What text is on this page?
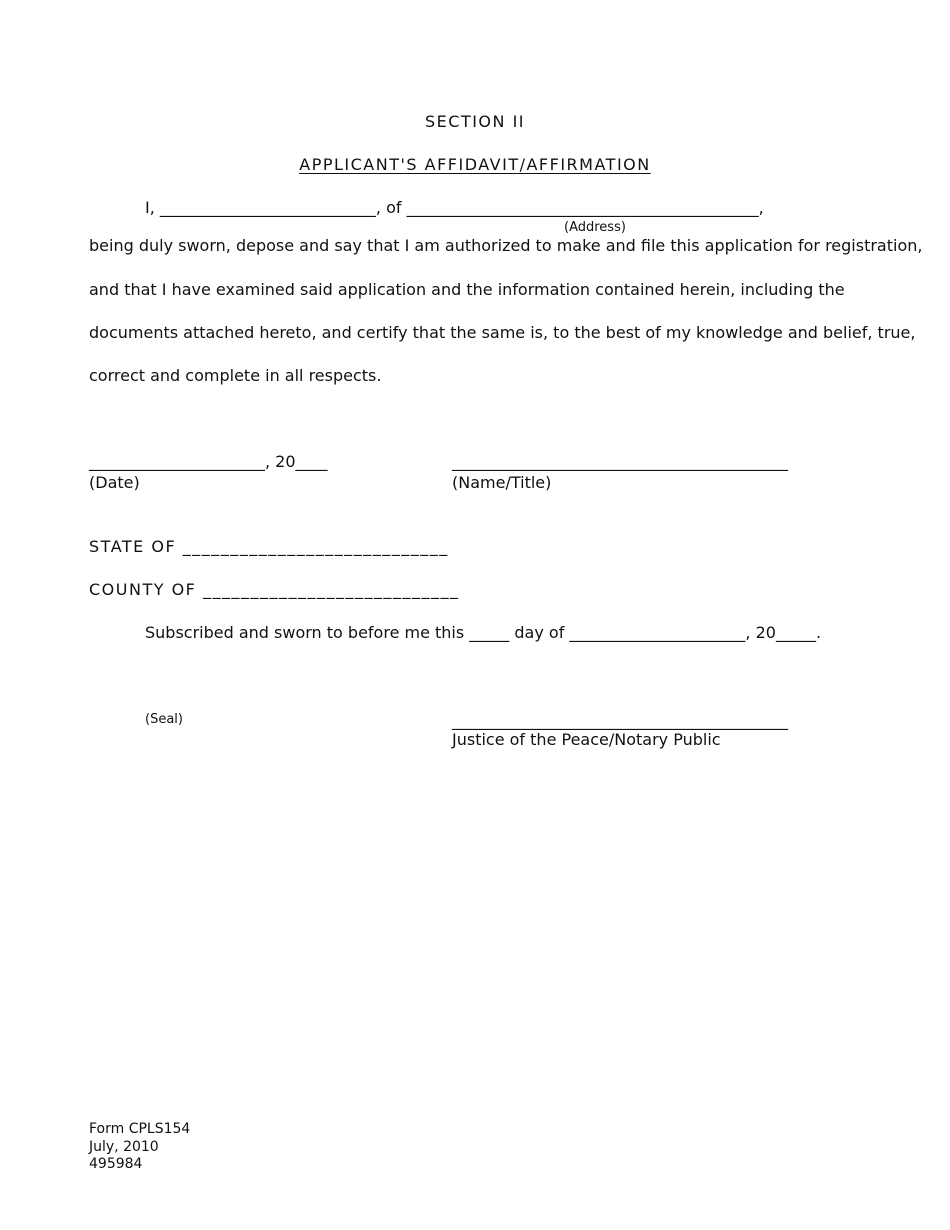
SECTION II
APPLICANT'S AFFIDAVIT/AFFIRMATION
I, ___________________________, of ____________________________________________,
(Address)
being duly sworn, depose and say that I am authorized to make and file this application for registration,
and that I have examined said application and the information contained herein, including the
documents attached hereto, and certify that the same is, to the best of my knowledge and belief, true,
correct and complete in all respects.
______________________, 20____
(Date)
__________________________________________
(Name/Title)
STATE OF ____________________________
COUNTY OF ___________________________
Subscribed and sworn to before me this _____ day of ______________________, 20_____.
(Seal)	__________________________________________
Justice of the Peace/Notary Public
Form CPLS154
July, 2010
495984
